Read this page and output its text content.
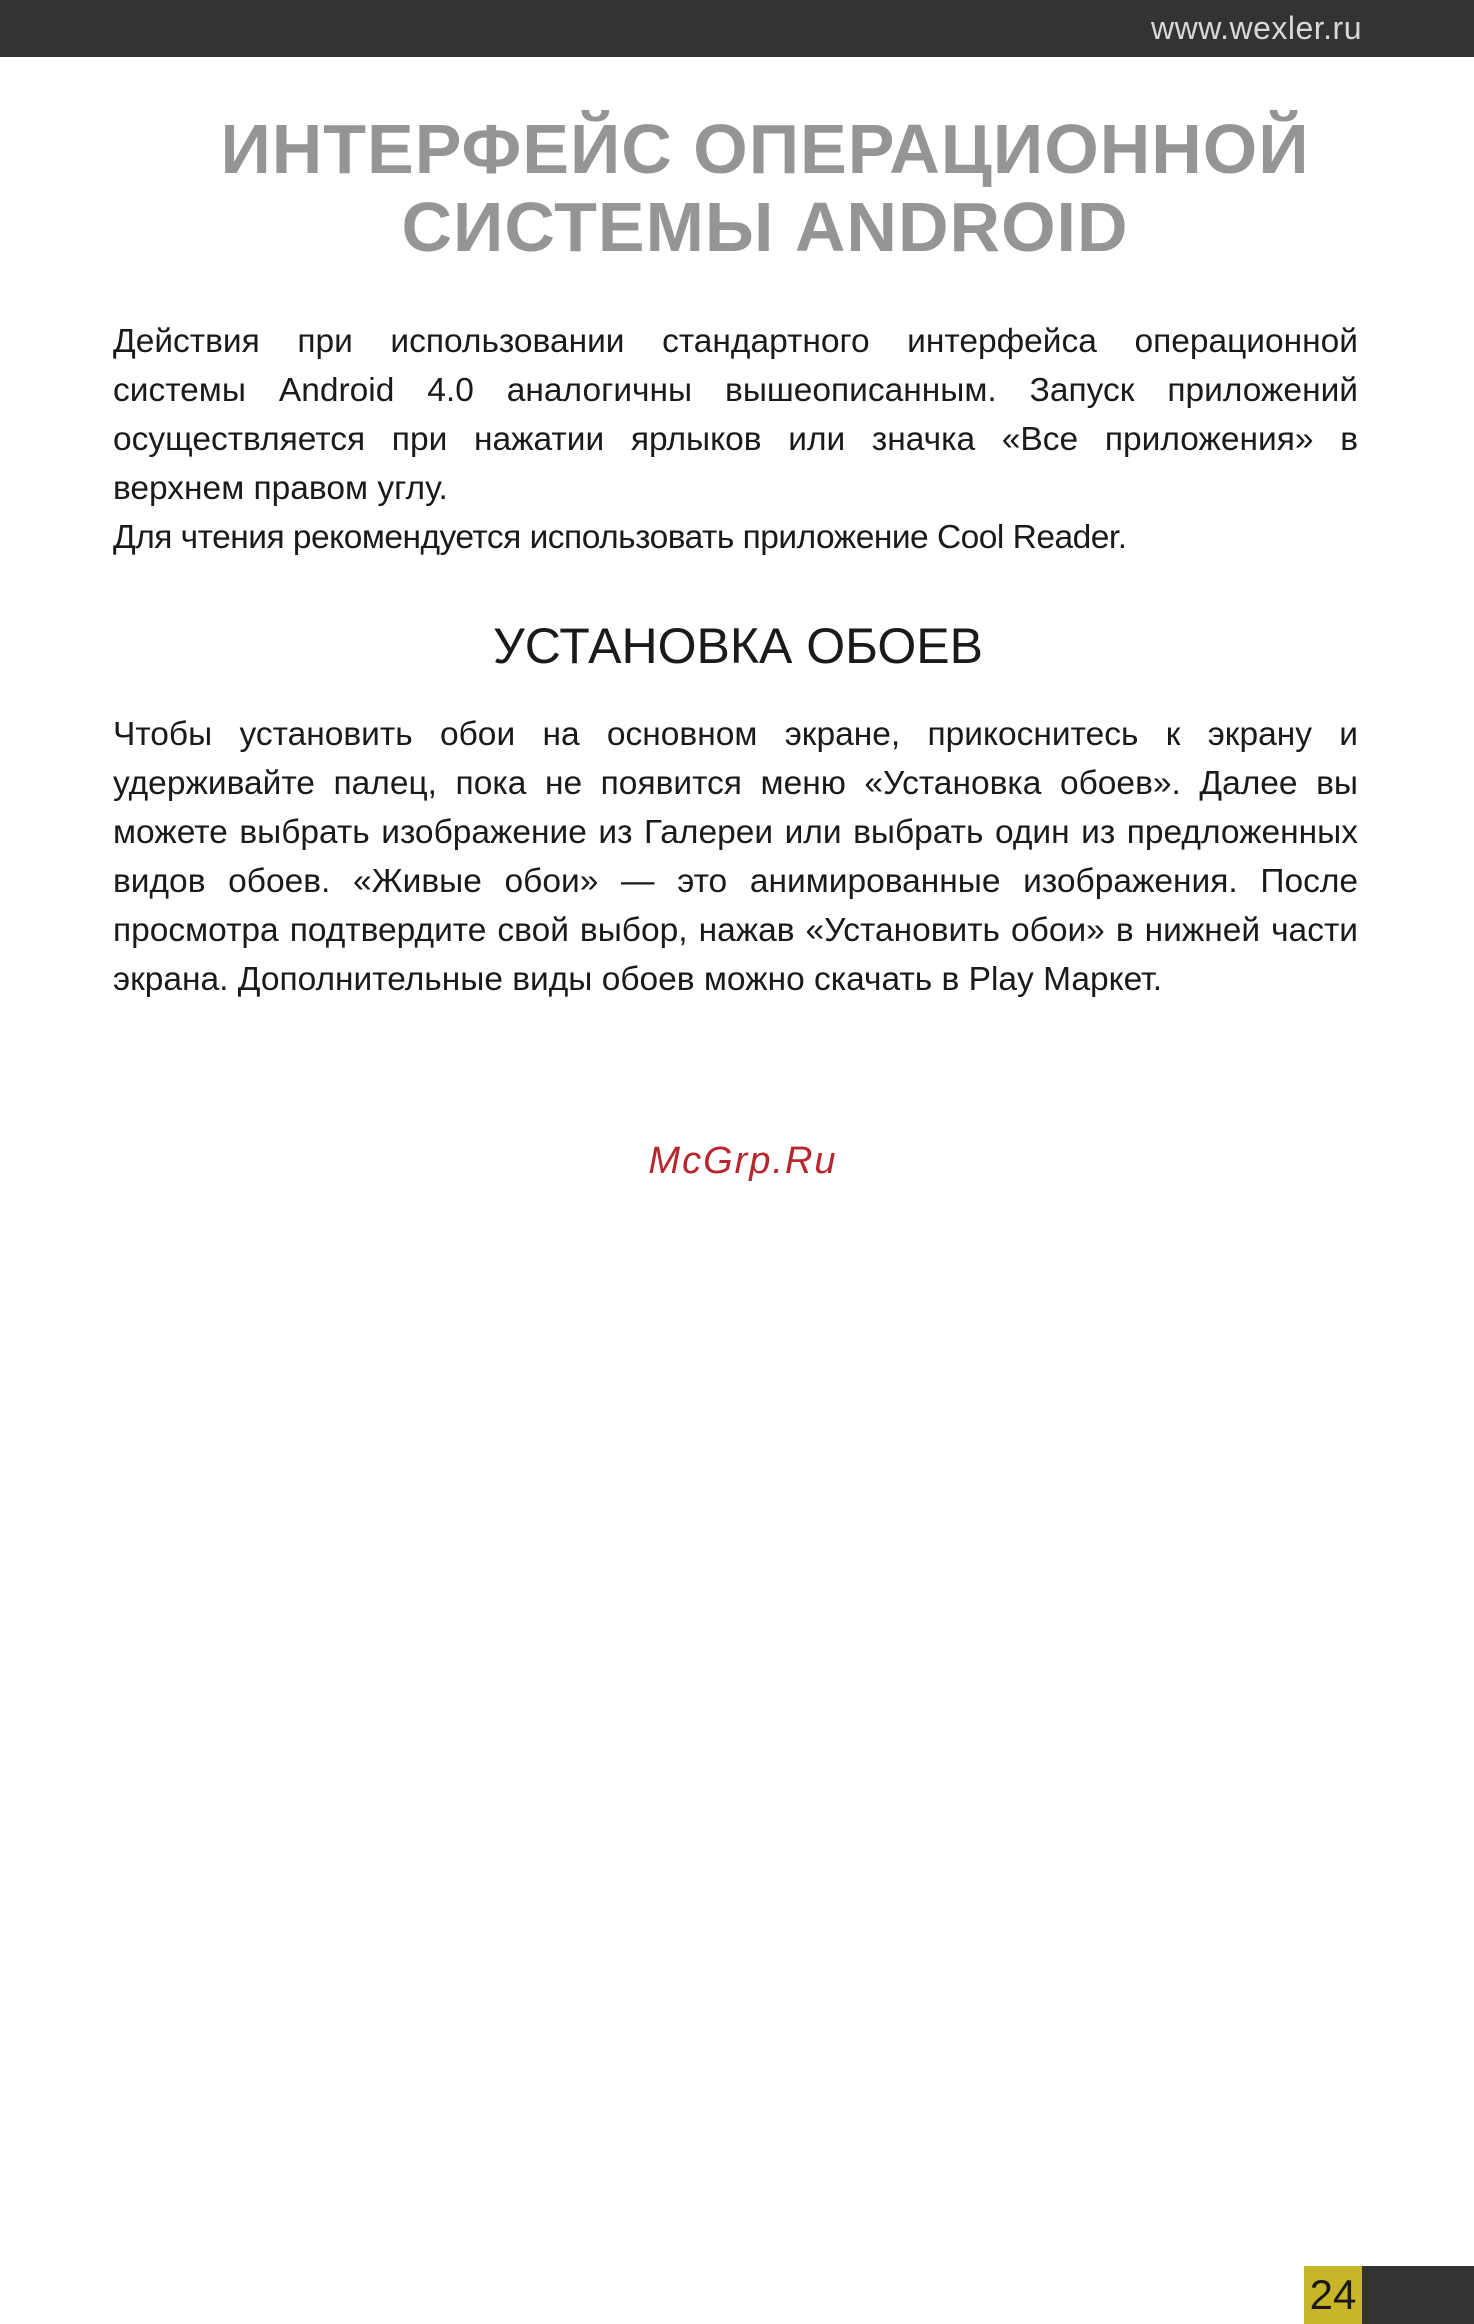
www.wexler.ru
ИНТЕРФЕЙС ОПЕРАЦИОННОЙ
СИСТЕМЫ ANDROID

Действия при использовании стандартного интерфейса операционной системы Android 4.0 аналогичны вышеописанным. Запуск приложений осуществляется при нажатии ярлыков или значка «Все приложения» в верхнем правом углу.

Для чтения рекомендуется использовать приложение Cool Reader.

УСТАНОВКА ОБОЕВ

Чтобы установить обои на основном экране, прикоснитесь к экрану и удерживайте палец, пока не появится меню «Установка обоев». Далее вы можете выбрать изображение из Галереи или выбрать один из предложенных видов обоев. «Живые обои» — это анимированные изображения. После просмотра подтвердите свой выбор, нажав «Установить обои» в нижней части экрана. Дополнительные виды обоев можно скачать в Play Маркет.

McGrp.Ru
24
